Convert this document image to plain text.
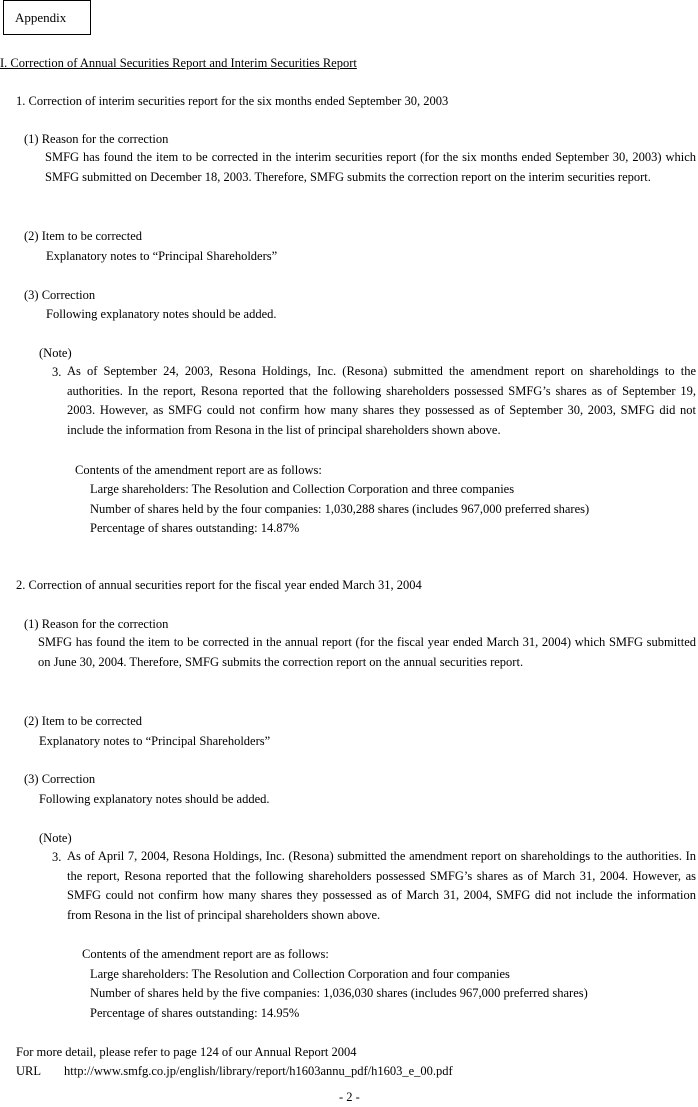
Appendix
I. Correction of Annual Securities Report and Interim Securities Report
1. Correction of interim securities report for the six months ended September 30, 2003
(1) Reason for the correction
SMFG has found the item to be corrected in the interim securities report (for the six months ended September 30, 2003) which SMFG submitted on December 18, 2003. Therefore, SMFG submits the correction report on the interim securities report.
(2) Item to be corrected
Explanatory notes to “Principal Shareholders”
(3) Correction
Following explanatory notes should be added.
(Note)
3. As of September 24, 2003, Resona Holdings, Inc. (Resona) submitted the amendment report on shareholdings to the authorities. In the report, Resona reported that the following shareholders possessed SMFG’s shares as of September 19, 2003. However, as SMFG could not confirm how many shares they possessed as of September 30, 2003, SMFG did not include the information from Resona in the list of principal shareholders shown above.
Contents of the amendment report are as follows:
Large shareholders: The Resolution and Collection Corporation and three companies
Number of shares held by the four companies: 1,030,288 shares (includes 967,000 preferred shares)
Percentage of shares outstanding: 14.87%
2. Correction of annual securities report for the fiscal year ended March 31, 2004
(1) Reason for the correction
SMFG has found the item to be corrected in the annual report (for the fiscal year ended March 31, 2004) which SMFG submitted on June 30, 2004. Therefore, SMFG submits the correction report on the annual securities report.
(2) Item to be corrected
Explanatory notes to “Principal Shareholders”
(3) Correction
Following explanatory notes should be added.
(Note)
3. As of April 7, 2004, Resona Holdings, Inc. (Resona) submitted the amendment report on shareholdings to the authorities. In the report, Resona reported that the following shareholders possessed SMFG’s shares as of March 31, 2004. However, as SMFG could not confirm how many shares they possessed as of March 31, 2004, SMFG did not include the information from Resona in the list of principal shareholders shown above.
Contents of the amendment report are as follows:
Large shareholders: The Resolution and Collection Corporation and four companies
Number of shares held by the five companies: 1,036,030 shares (includes 967,000 preferred shares)
Percentage of shares outstanding: 14.95%
For more detail, please refer to page 124 of our Annual Report 2004
URL http://www.smfg.co.jp/english/library/report/h1603annu_pdf/h1603_e_00.pdf
- 2 -
